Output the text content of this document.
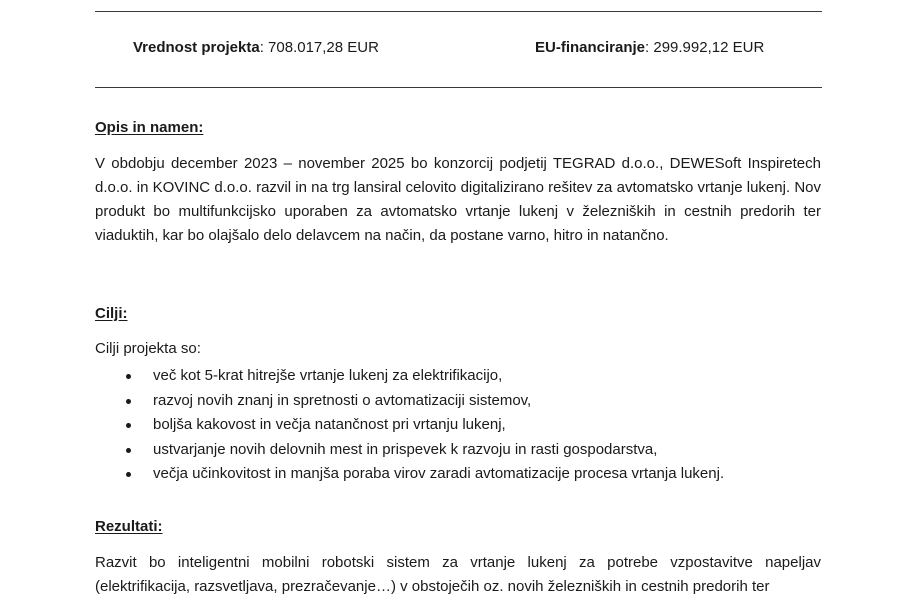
Vrednost projekta: 708.017,28 EUR	EU-financiranje: 299.992,12 EUR
Opis in namen:
V obdobju december 2023 – november 2025 bo konzorcij podjetij TEGRAD d.o.o., DEWESoft Inspiretech d.o.o. in KOVINC d.o.o. razvil in na trg lansiral celovito digitalizirano rešitev za avtomatsko vrtanje lukenj. Nov produkt bo multifunkcijsko uporaben za avtomatsko vrtanje lukenj v železniških in cestnih predorih ter viaduktih, kar bo olajšalo delo delavcem na način, da postane varno, hitro in natančno.
Cilji:
Cilji projekta so:
več kot 5-krat hitrejše vrtanje lukenj za elektrifikacijo,
razvoj novih znanj in spretnosti o avtomatizaciji sistemov,
boljša kakovost in večja natančnost pri vrtanju lukenj,
ustvarjanje novih delovnih mest in prispevek k razvoju in rasti gospodarstva,
večja učinkovitost in manjša poraba virov zaradi avtomatizacije procesa vrtanja lukenj.
Rezultati:
Razvit bo inteligentni mobilni robotski sistem za vrtanje lukenj za potrebe vzpostavitve napeljav (elektrifikacija, razsvetljava, prezračevanje…) v obstoječih oz. novih železniških in cestnih predorih ter
